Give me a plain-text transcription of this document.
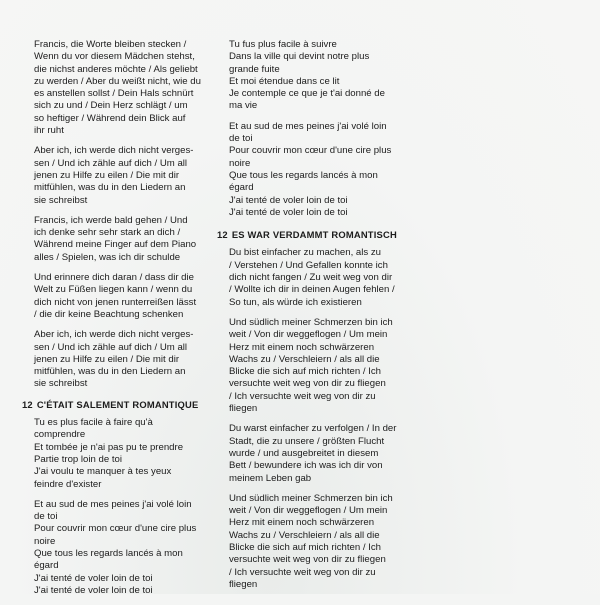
Francis, die Worte bleiben stecken /
Wenn du vor diesem Mädchen stehst,
die nichst anderes möchte / Als geliebt
zu werden / Aber du weißt nicht, wie du
es anstellen sollst / Dein Hals schnürt
sich zu und / Dein Herz schlägt / um
so heftiger / Während dein Blick auf
ihr ruht
Aber ich, ich werde dich nicht verges-
sen / Und ich zähle auf dich / Um all
jenen zu Hilfe zu eilen / Die mit dir
mitfühlen, was du in den Liedern an
sie schreibst
Francis, ich werde bald gehen / Und
ich denke sehr sehr stark an dich /
Während meine Finger auf dem Piano
alles / Spielen, was ich dir schulde
Und erinnere dich daran / dass dir die
Welt zu Füßen liegen kann / wenn du
dich nicht von jenen runterreißen lässt
/ die dir keine Beachtung schenken
Aber ich, ich werde dich nicht verges-
sen / Und ich zähle auf dich / Um all
jenen zu Hilfe zu eilen / Die mit dir
mitfühlen, was du in den Liedern an
sie schreibst
12 C'ÉTAIT SALEMENT ROMANTIQUE
Tu es plus facile à faire qu'à
comprendre
Et tombée je n'ai pas pu te prendre
Partie trop loin de toi
J'ai voulu te manquer à tes yeux
feindre d'exister
Et au sud de mes peines j'ai volé loin
de toi
Pour couvrir mon cœur d'une cire plus
noire
Que tous les regards lancés à mon
égard
J'ai tenté de voler loin de toi
J'ai tenté de voler loin de toi
Tu fus plus facile à suivre
Dans la ville qui devint notre plus
grande fuite
Et moi étendue dans ce lit
Je contemple ce que je t'ai donné de
ma vie
Et au sud de mes peines j'ai volé loin
de toi
Pour couvrir mon cœur d'une cire plus
noire
Que tous les regards lancés à mon
égard
J'ai tenté de voler loin de toi
J'ai tenté de voler loin de toi
12 ES WAR VERDAMMT ROMANTISCH
Du bist einfacher zu machen, als zu
/ Verstehen / Und Gefallen konnte ich
dich nicht fangen / Zu weit weg von dir
/ Wollte ich dir in deinen Augen fehlen /
So tun, als würde ich existieren
Und südlich meiner Schmerzen bin ich
weit / Von dir weggeflogen / Um mein
Herz mit einem noch schwärzeren
Wachs zu / Verschleiern / als all die
Blicke die sich auf mich richten / Ich
versuchte weit weg von dir zu fliegen
/ Ich versuchte weit weg von dir zu
fliegen
Du warst einfacher zu verfolgen / In der
Stadt, die zu unsere / größten Flucht
wurde / und ausgebreitet in diesem
Bett / bewundere ich was ich dir von
meinem Leben gab
Und südlich meiner Schmerzen bin ich
weit / Von dir weggeflogen / Um mein
Herz mit einem noch schwärzeren
Wachs zu / Verschleiern / als all die
Blicke die sich auf mich richten / Ich
versuchte weit weg von dir zu fliegen
/ Ich versuchte weit weg von dir zu
fliegen
